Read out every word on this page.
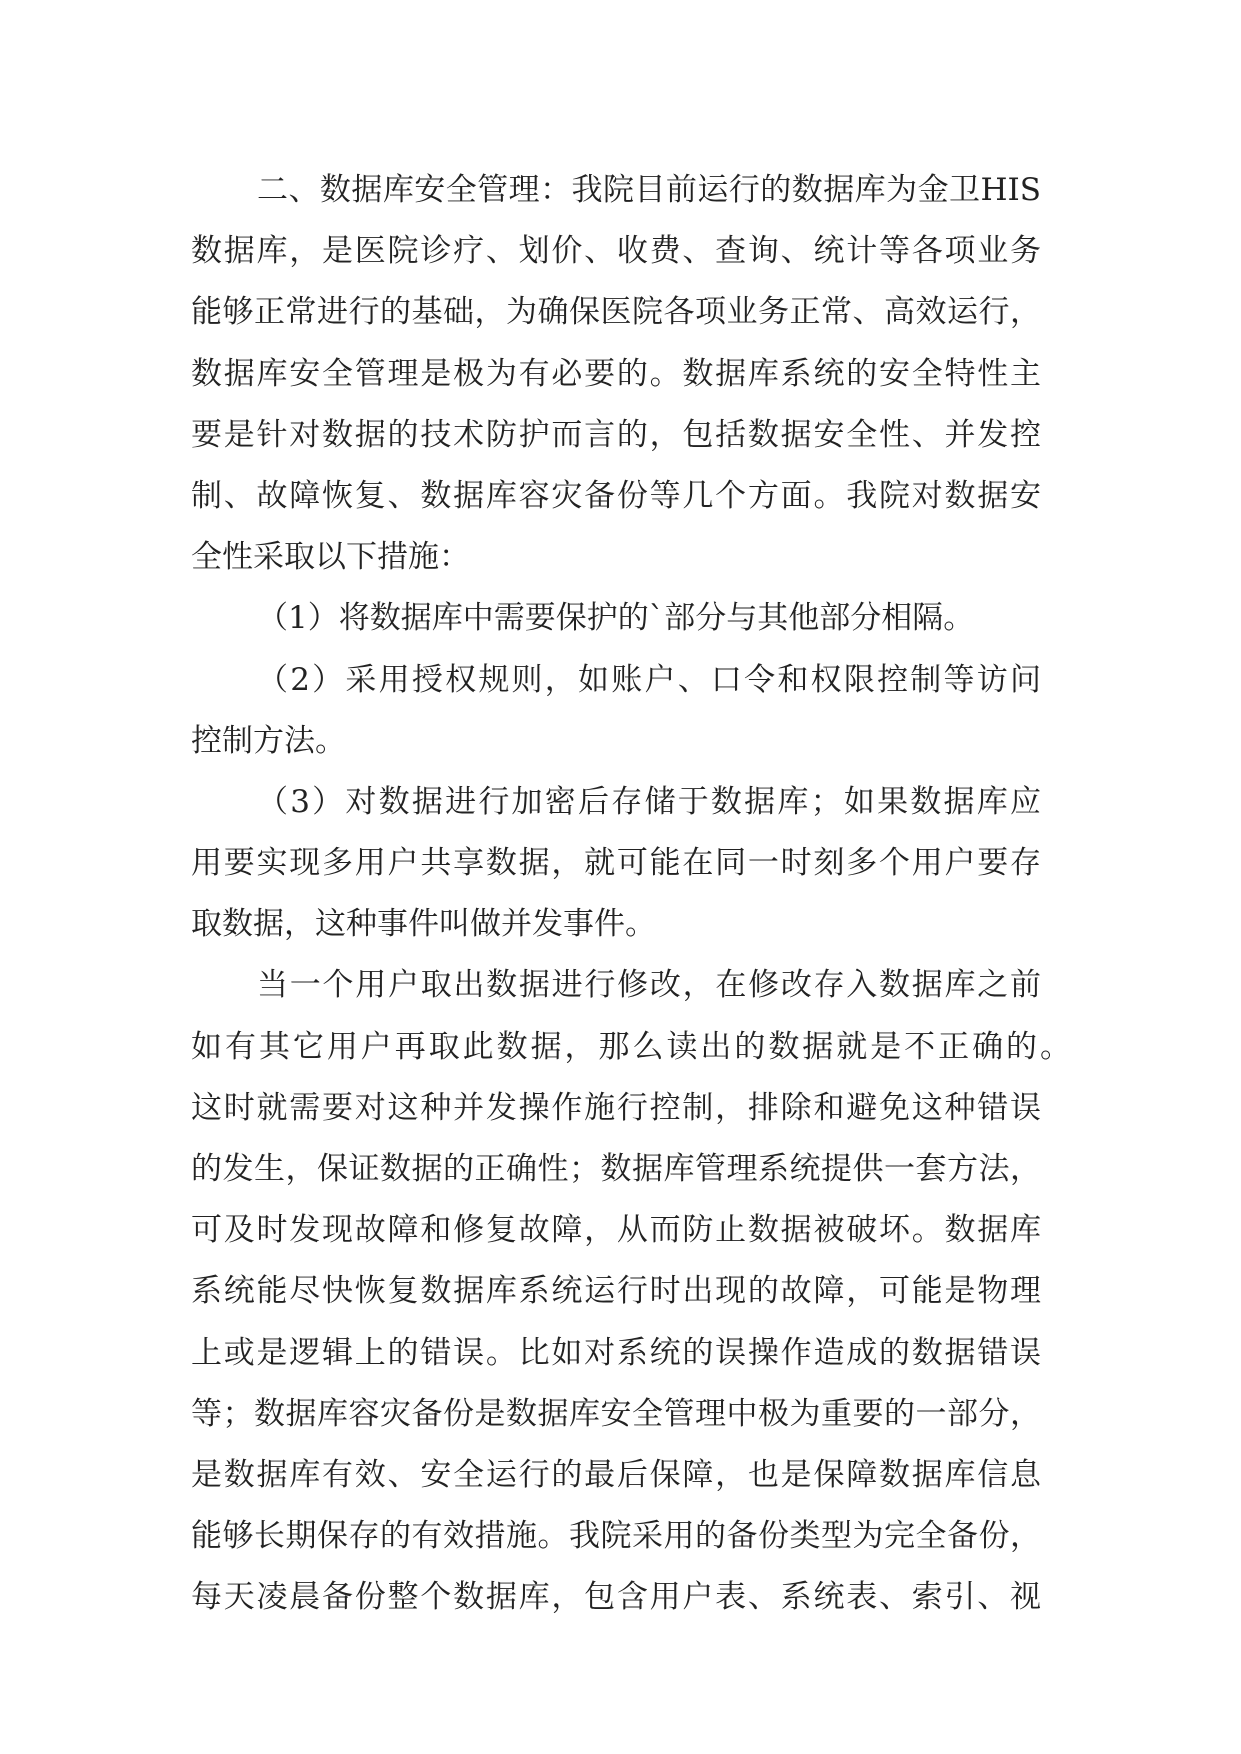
二、数据库安全管理：我院目前运行的数据库为金卫HIS
数据库，是医院诊疗、划价、收费、查询、统计等各项业务
能够正常进行的基础，为确保医院各项业务正常、高效运行，
数据库安全管理是极为有必要的。数据库系统的安全特性主
要是针对数据的技术防护而言的，包括数据安全性、并发控
制、故障恢复、数据库容灾备份等几个方面。我院对数据安
全性采取以下措施：
（1）将数据库中需要保护的`部分与其他部分相隔。
（2）采用授权规则，如账户、口令和权限控制等访问
控制方法。
（3）对数据进行加密后存储于数据库；如果数据库应
用要实现多用户共享数据，就可能在同一时刻多个用户要存
取数据，这种事件叫做并发事件。
当一个用户取出数据进行修改，在修改存入数据库之前
如有其它用户再取此数据，那么读出的数据就是不正确的。
这时就需要对这种并发操作施行控制，排除和避免这种错误
的发生，保证数据的正确性；数据库管理系统提供一套方法，
可及时发现故障和修复故障，从而防止数据被破坏。数据库
系统能尽快恢复数据库系统运行时出现的故障，可能是物理
上或是逻辑上的错误。比如对系统的误操作造成的数据错误
等；数据库容灾备份是数据库安全管理中极为重要的一部分，
是数据库有效、安全运行的最后保障，也是保障数据库信息
能够长期保存的有效措施。我院采用的备份类型为完全备份，
每天凌晨备份整个数据库，包含用户表、系统表、索引、视
